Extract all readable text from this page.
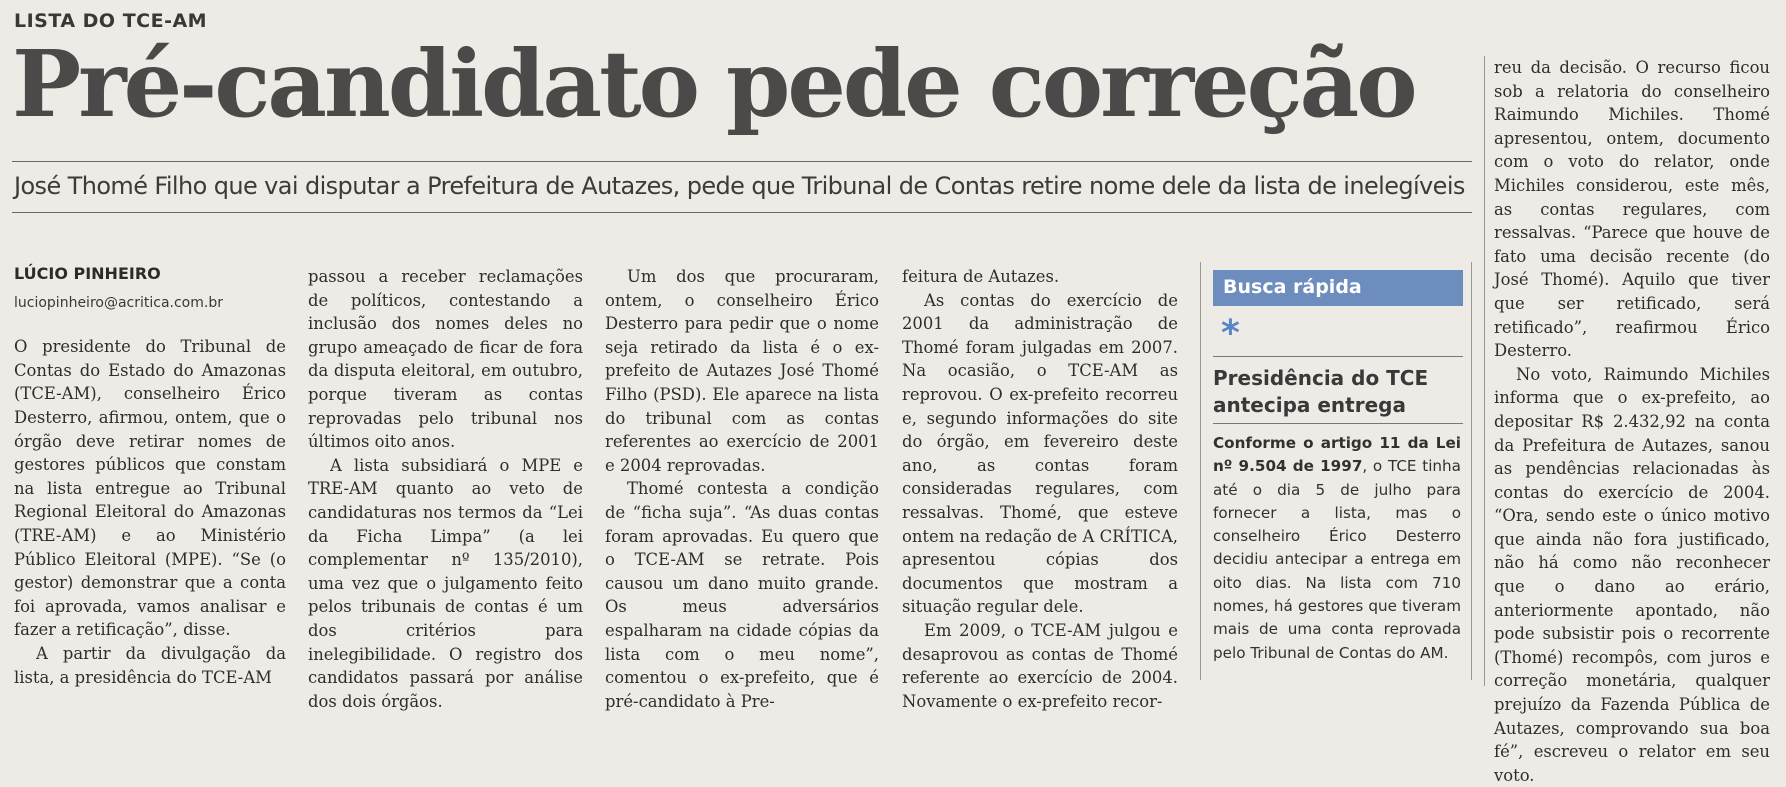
LISTA DO TCE-AM
Pré-candidato pede correção
José Thomé Filho que vai disputar a Prefeitura de Autazes, pede que Tribunal de Contas retire nome dele da lista de inelegíveis
LÚCIO PINHEIRO
luciopinheiro@acritica.com.br

O presidente do Tribunal de Contas do Estado do Amazonas (TCE-AM), conselheiro Érico Desterro, afirmou, ontem, que o órgão deve retirar nomes de gestores públicos que constam na lista entregue ao Tribunal Regional Eleitoral do Amazonas (TRE-AM) e ao Ministério Público Eleitoral (MPE). “Se (o gestor) demonstrar que a conta foi aprovada, vamos analisar e fazer a retificação”, disse.

A partir da divulgação da lista, a presidência do TCE-AM

passou a receber reclamações de políticos, contestando a inclusão dos nomes deles no grupo ameaçado de ficar de fora da disputa eleitoral, em outubro, porque tiveram as contas reprovadas pelo tribunal nos últimos oito anos.

A lista subsidiará o MPE e TRE-AM quanto ao veto de candidaturas nos termos da “Lei da Ficha Limpa” (a lei complementar nº 135/2010), uma vez que o julgamento feito pelos tribunais de contas é um dos critérios para inelegibilidade. O registro dos candidatos passará por análise dos dois órgãos.

Um dos que procuraram, ontem, o conselheiro Érico Desterro para pedir que o nome seja retirado da lista é o ex-prefeito de Autazes José Thomé Filho (PSD). Ele aparece na lista do tribunal com as contas referentes ao exercício de 2001 e 2004 reprovadas.

Thomé contesta a condição de “ficha suja”. “As duas contas foram aprovadas. Eu quero que o TCE-AM se retrate. Pois causou um dano muito grande. Os meus adversários espalharam na cidade cópias da lista com o meu nome”, comentou o ex-prefeito, que é pré-candidato à Pre-

feitura de Autazes.

As contas do exercício de 2001 da administração de Thomé foram julgadas em 2007. Na ocasião, o TCE-AM as reprovou. O ex-prefeito recorreu e, segundo informações do site do órgão, em fevereiro deste ano, as contas foram consideradas regulares, com ressalvas. Thomé, que esteve ontem na redação de A CRÍTICA, apresentou cópias dos documentos que mostram a situação regular dele.

Em 2009, o TCE-AM julgou e desaprovou as contas de Thomé referente ao exercício de 2004. Novamente o ex-prefeito recor-

Busca rápida
*
Presidência do TCE antecipa entrega
Conforme o artigo 11 da Lei nº 9.504 de 1997, o TCE tinha até o dia 5 de julho para fornecer a lista, mas o conselheiro Érico Desterro decidiu antecipar a entrega em oito dias. Na lista com 710 nomes, há gestores que tiveram mais de uma conta reprovada pelo Tribunal de Contas do AM.

reu da decisão. O recurso ficou sob a relatoria do conselheiro Raimundo Michiles. Thomé apresentou, ontem, documento com o voto do relator, onde Michiles considerou, este mês, as contas regulares, com ressalvas. “Parece que houve de fato uma decisão recente (do José Thomé). Aquilo que tiver que ser retificado, será retificado”, reafirmou Érico Desterro.

No voto, Raimundo Michiles informa que o ex-prefeito, ao depositar R$ 2.432,92 na conta da Prefeitura de Autazes, sanou as pendências relacionadas às contas do exercício de 2004. “Ora, sendo este o único motivo que ainda não fora justificado, não há como não reconhecer que o dano ao erário, anteriormente apontado, não pode subsistir pois o recorrente (Thomé) recompôs, com juros e correção monetária, qualquer prejuízo da Fazenda Pública de Autazes, comprovando sua boa fé”, escreveu o relator em seu voto.
